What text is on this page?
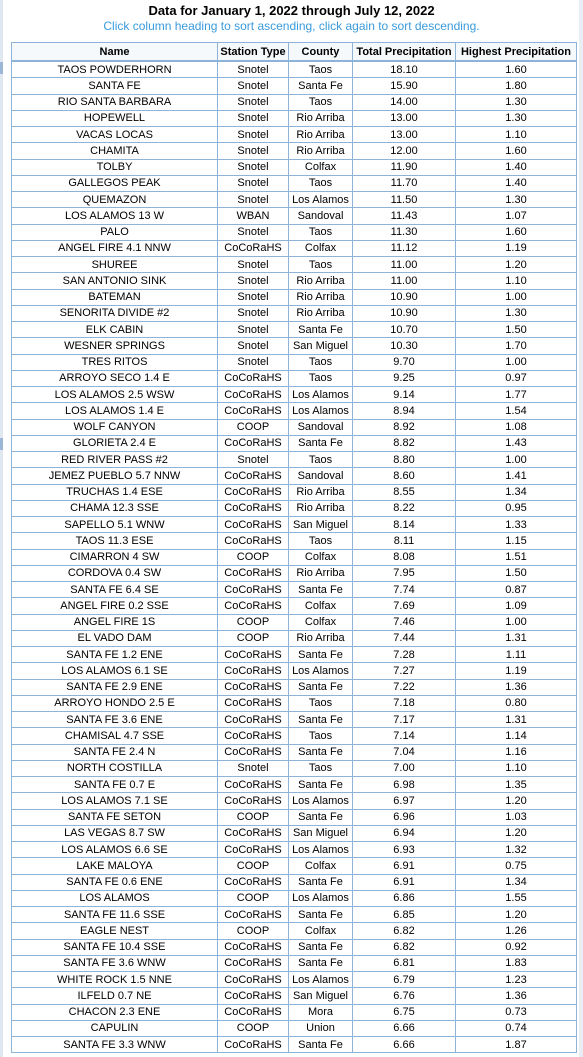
Data for January 1, 2022 through July 12, 2022
Click column heading to sort ascending, click again to sort descending.
Name	Station Type	County	Total Precipitation	Highest Precipitation
TAOS POWDERHORN	Snotel	Taos	18.10	1.60
SANTA FE	Snotel	Santa Fe	15.90	1.80
RIO SANTA BARBARA	Snotel	Taos	14.00	1.30
HOPEWELL	Snotel	Rio Arriba	13.00	1.30
VACAS LOCAS	Snotel	Rio Arriba	13.00	1.10
CHAMITA	Snotel	Rio Arriba	12.00	1.60
TOLBY	Snotel	Colfax	11.90	1.40
GALLEGOS PEAK	Snotel	Taos	11.70	1.40
QUEMAZON	Snotel	Los Alamos	11.50	1.30
LOS ALAMOS 13 W	WBAN	Sandoval	11.43	1.07
PALO	Snotel	Taos	11.30	1.60
ANGEL FIRE 4.1 NNW	CoCoRaHS	Colfax	11.12	1.19
SHUREE	Snotel	Taos	11.00	1.20
SAN ANTONIO SINK	Snotel	Rio Arriba	11.00	1.10
BATEMAN	Snotel	Rio Arriba	10.90	1.00
SENORITA DIVIDE #2	Snotel	Rio Arriba	10.90	1.30
ELK CABIN	Snotel	Santa Fe	10.70	1.50
WESNER SPRINGS	Snotel	San Miguel	10.30	1.70
TRES RITOS	Snotel	Taos	9.70	1.00
ARROYO SECO 1.4 E	CoCoRaHS	Taos	9.25	0.97
LOS ALAMOS 2.5 WSW	CoCoRaHS	Los Alamos	9.14	1.77
LOS ALAMOS 1.4 E	CoCoRaHS	Los Alamos	8.94	1.54
WOLF CANYON	COOP	Sandoval	8.92	1.08
GLORIETA 2.4 E	CoCoRaHS	Santa Fe	8.82	1.43
RED RIVER PASS #2	Snotel	Taos	8.80	1.00
JEMEZ PUEBLO 5.7 NNW	CoCoRaHS	Sandoval	8.60	1.41
TRUCHAS 1.4 ESE	CoCoRaHS	Rio Arriba	8.55	1.34
CHAMA 12.3 SSE	CoCoRaHS	Rio Arriba	8.22	0.95
SAPELLO 5.1 WNW	CoCoRaHS	San Miguel	8.14	1.33
TAOS 11.3 ESE	CoCoRaHS	Taos	8.11	1.15
CIMARRON 4 SW	COOP	Colfax	8.08	1.51
CORDOVA 0.4 SW	CoCoRaHS	Rio Arriba	7.95	1.50
SANTA FE 6.4 SE	CoCoRaHS	Santa Fe	7.74	0.87
ANGEL FIRE 0.2 SSE	CoCoRaHS	Colfax	7.69	1.09
ANGEL FIRE 1S	COOP	Colfax	7.46	1.00
EL VADO DAM	COOP	Rio Arriba	7.44	1.31
SANTA FE 1.2 ENE	CoCoRaHS	Santa Fe	7.28	1.11
LOS ALAMOS 6.1 SE	CoCoRaHS	Los Alamos	7.27	1.19
SANTA FE 2.9 ENE	CoCoRaHS	Santa Fe	7.22	1.36
ARROYO HONDO 2.5 E	CoCoRaHS	Taos	7.18	0.80
SANTA FE 3.6 ENE	CoCoRaHS	Santa Fe	7.17	1.31
CHAMISAL 4.7 SSE	CoCoRaHS	Taos	7.14	1.14
SANTA FE 2.4 N	CoCoRaHS	Santa Fe	7.04	1.16
NORTH COSTILLA	Snotel	Taos	7.00	1.10
SANTA FE 0.7 E	CoCoRaHS	Santa Fe	6.98	1.35
LOS ALAMOS 7.1 SE	CoCoRaHS	Los Alamos	6.97	1.20
SANTA FE SETON	COOP	Santa Fe	6.96	1.03
LAS VEGAS 8.7 SW	CoCoRaHS	San Miguel	6.94	1.20
LOS ALAMOS 6.6 SE	CoCoRaHS	Los Alamos	6.93	1.32
LAKE MALOYA	COOP	Colfax	6.91	0.75
SANTA FE 0.6 ENE	CoCoRaHS	Santa Fe	6.91	1.34
LOS ALAMOS	COOP	Los Alamos	6.86	1.55
SANTA FE 11.6 SSE	CoCoRaHS	Santa Fe	6.85	1.20
EAGLE NEST	COOP	Colfax	6.82	1.26
SANTA FE 10.4 SSE	CoCoRaHS	Santa Fe	6.82	0.92
SANTA FE 3.6 WNW	CoCoRaHS	Santa Fe	6.81	1.83
WHITE ROCK 1.5 NNE	CoCoRaHS	Los Alamos	6.79	1.23
ILFELD 0.7 NE	CoCoRaHS	San Miguel	6.76	1.36
CHACON 2.3 ENE	CoCoRaHS	Mora	6.75	0.73
CAPULIN	COOP	Union	6.66	0.74
SANTA FE 3.3 WNW	CoCoRaHS	Santa Fe	6.66	1.87
